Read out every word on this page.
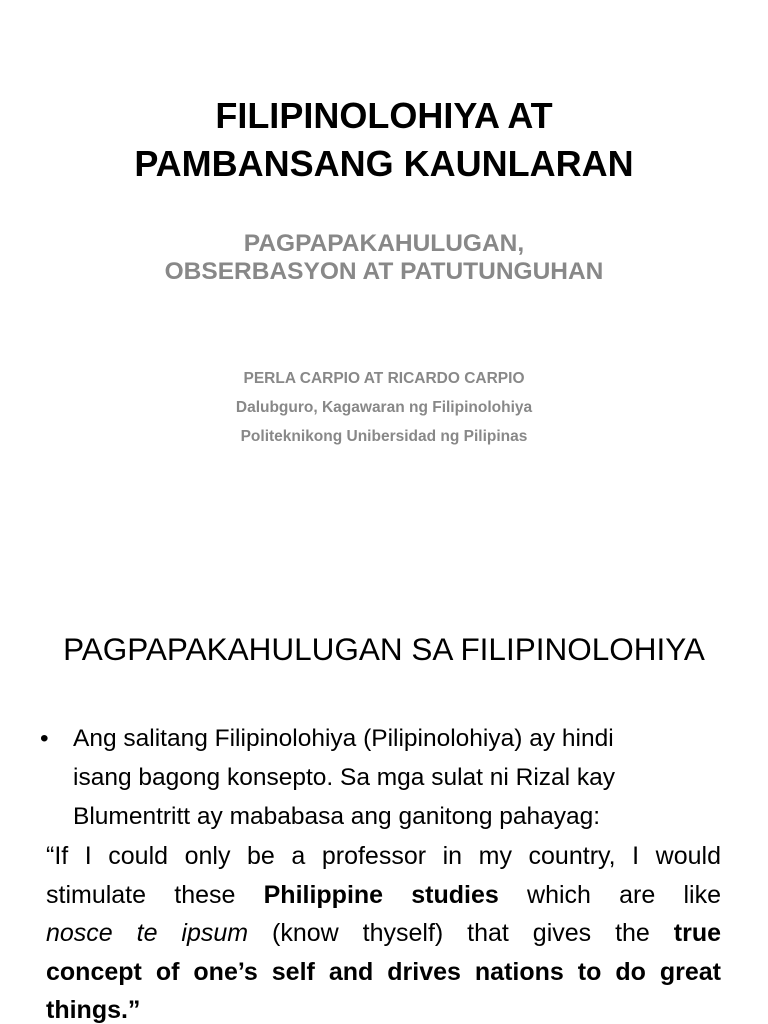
FILIPINOLOHIYA AT
PAMBANSANG KAUNLARAN
PAGPAPAKAHULUGAN,
OBSERBASYON AT PATUTUNGUHAN
PERLA CARPIO AT RICARDO CARPIO
Dalubguro, Kagawaran ng Filipinolohiya
Politeknikong Unibersidad ng Pilipinas
PAGPAPAKAHULUGAN SA FILIPINOLOHIYA
• Ang salitang Filipinolohiya (Pilipinolohiya) ay hindi
isang bagong konsepto. Sa mga sulat ni Rizal kay
Blumentritt ay mababasa ang ganitong pahayag:
“If I could only be a professor in my country, I would
stimulate these Philippine studies which are like
nosce te ipsum (know thyself) that gives the true
concept of one’s self and drives nations to do great
things.”
